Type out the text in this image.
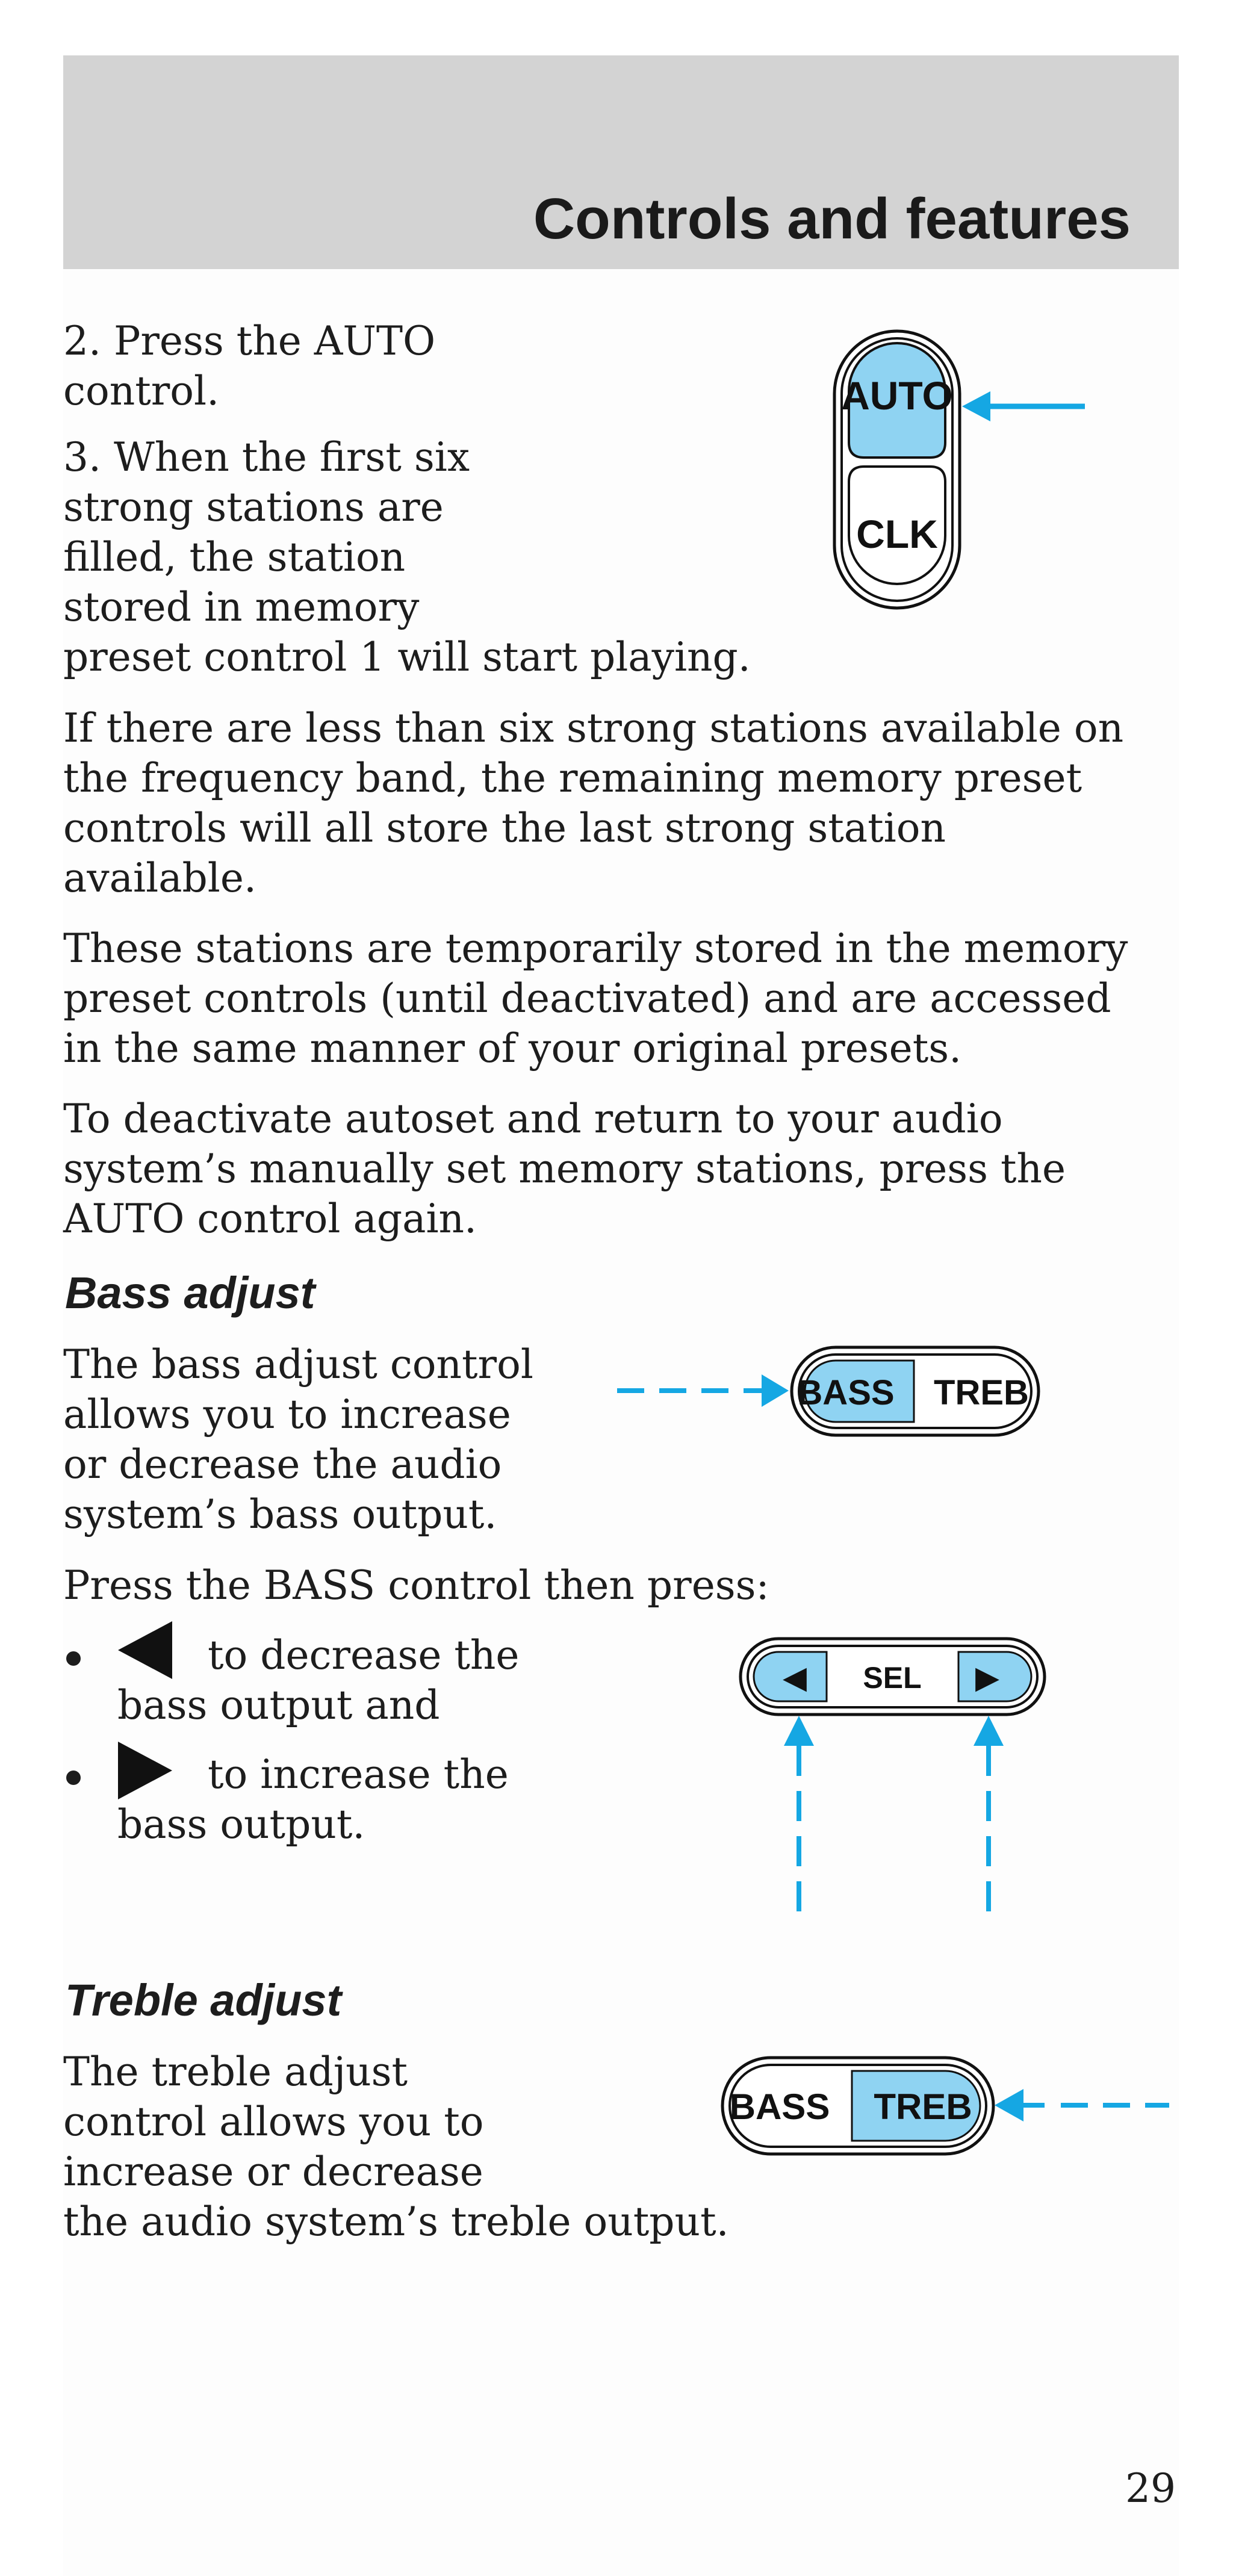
Controls and features

2. Press the AUTO

control.

3. When the first six

strong stations are

filled, the station

stored in memory

preset control 1 will start playing.

If there are less than six strong stations available on

the frequency band, the remaining memory preset

controls will all store the last strong station

available.

These stations are temporarily stored in the memory

preset controls (until deactivated) and are accessed

in the same manner of your original presets.

To deactivate autoset and return to your audio

system’s manually set memory stations, press the

AUTO control again.

Bass adjust

The bass adjust control

allows you to increase

or decrease the audio

system’s bass output.

Press the BASS control then press:

to decrease the

bass output and

to increase the

bass output.

Treble adjust

The treble adjust

control allows you to

increase or decrease

the audio system’s treble output.

AUTO
CLK
BASS TREB
◀ SEL ▶
BASS TREB
29
